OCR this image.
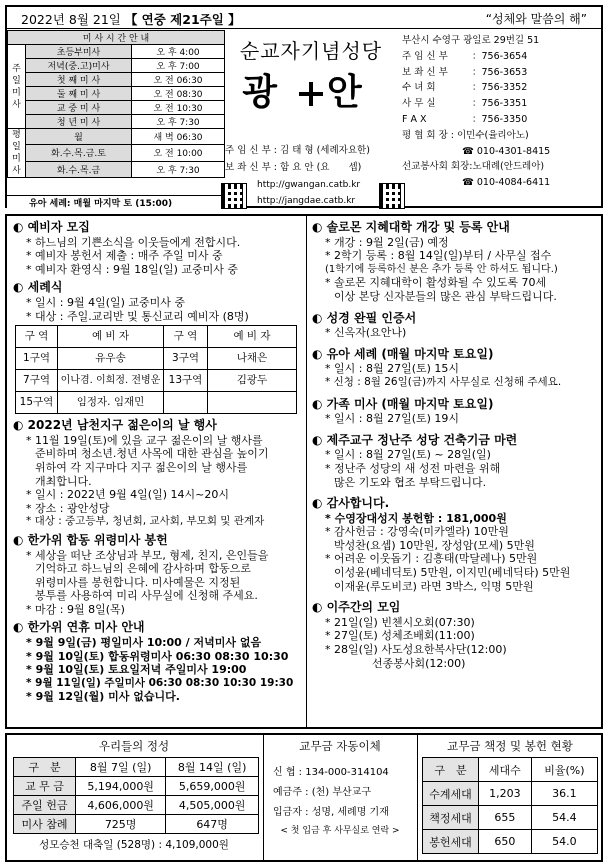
2022년 8월 21일 【 연중 제21주일 】	“성체와 말씀의 해”
미 사 시 간 안 내		
주일미사	초등부미사	오 후 4:00
	저녁(중.고)미사	오 후 7:00
	첫 째 미 사	오 전 06:30
	둘 째 미 사	오 전 08:30
	교 중 미 사	오 전 10:30
	청 년 미 사	오 후 7:30
평일미사	월	새 벽 06:30
	화.수.목.금.토	오 전 10:00
	화.수.목.금	오 후 7:30
유아 세례: 매월 마지막 토 (15:00)
순교자기념성당
광 안
주 임 신 부 : 김 태 형 (세례자요한)
보 좌 신 부 : 함 요 안 (요　　셉)
http://gwangan.catb.kr
http://jangdae.catb.kr
부산시 수영구 광일로 29번길 51
주 임 신 부	：756-3654
보 좌 신 부	：756-3653
수 녀 회	：756-3352
사 무 실	：756-3351
F A X	：756-3350
평 협 회 장 : 이민수(율리아노)
☎ 010-4301-8415
선교봉사회 회장:노대례(안드레아)
☎ 010-4084-6411
◐ 예비자 모집
* 하느님의 기쁜소식을 이웃들에게 전합시다.
* 예비자 봉헌서 제출 : 매주 주일 미사 중
* 예비자 환영식 : 9월 18일(일) 교중미사 중
◐ 세례식
* 일시 : 9월 4일(일) 교중미사 중
* 대상 : 주일.교리반 및 통신교리 예비자 (8명)
구 역	예 비 자	구 역	예 비 자
1구역	유우송	3구역	나채은
7구역	이나겸. 이희정. 전병운	13구역	김광두
15구역	임정자. 임재민		
◐ 2022년 남천지구 젊은이의 날 행사
* 11월 19일(토)에 있을 교구 젊은이의 날 행사를
준비하며 청소년.청년 사목에 대한 관심을 높이기
위하여 각 지구마다 지구 젊은이의 날 행사를
개최합니다.
* 일시 : 2022년 9월 4일(일) 14시~20시
* 장소 : 광안성당
* 대상 : 중고등부, 청년회, 교사회, 부모회 및 관계자
◐ 한가위 합동 위령미사 봉헌
* 세상을 떠난 조상님과 부모, 형제, 친지, 은인들을
기억하고 하느님의 은혜에 감사하며 합동으로
위령미사를 봉헌합니다. 미사예물은 지정된
봉투를 사용하여 미리 사무실에 신청해 주세요.
* 마감 : 9월 8일(목)
◐ 한가위 연휴 미사 안내
* 9월 9일(금) 평일미사 10:00 / 저녁미사 없음
* 9월 10일(토) 합동위령미사 06:30 08:30 10:30
* 9월 10일(토) 토요일저녁 주일미사 19:00
* 9월 11일(일) 주일미사 06:30 08:30 10:30 19:30
* 9월 12일(월) 미사 없습니다.
◐ 솔로몬 지혜대학 개강 및 등록 안내
* 개강 : 9월 2일(금) 예정
* 2학기 등록 : 8월 14일(일)부터 / 사무실 접수
(1학기에 등록하신 분은 추가 등록 안 하셔도 됩니다.)
* 솔로몬 지혜대학이 활성화될 수 있도록 70세
이상 본당 신자분들의 많은 관심 부탁드립니다.
◐ 성경 완필 인증서
* 신옥자(요안나)
◐ 유아 세례 (매월 마지막 토요일)
* 일시 : 8월 27일(토) 15시
* 신청 : 8월 26일(금)까지 사무실로 신청해 주세요.
◐ 가족 미사 (매월 마지막 토요일)
* 일시 : 8월 27일(토) 19시
◐ 제주교구 정난주 성당 건축기금 마련
* 일시 : 8월 27일(토) ~ 28일(일)
* 정난주 성당의 새 성전 마련을 위해
많은 기도와 협조 부탁드립니다.
◐ 감사합니다.
* 수영장대성지 봉헌함 : 181,000원
* 감사헌금 : 강영숙(미카엘라) 10만원
박성찬(요셉) 10만원, 장성암(모세) 5만원
* 어려운 이웃돕기 : 김흥태(막달레나) 5만원
이성윤(베네딕토) 5만원, 이지민(베네딕타) 5만원
이재윤(루도비코) 라면 3박스, 익명 5만원
◐ 이주간의 모임
* 21일(일) 빈첸시오회(07:30)
* 27일(토) 성체조배회(11:00)
* 28일(일) 사도성요한복사단(12:00)
선종봉사회(12:00)
우리들의 정성
구　분	8월 7일 (일)	8월 14일 (일)
교 무 금	5,194,000원	5,659,000원
주일 헌금	4,606,000원	4,505,000원
미사 참례	725명	647명
성모승천 대축일 (528명) : 4,109,000원
교무금 자동이체
신 협 : 134-000-314104
예금주 : (천) 부산교구
입금자 : 성명, 세례명 기재
< 첫 입금 후 사무실로 연락 >
교무금 책정 및 봉헌 현황
구　분	세대수	비율(%)
수계세대	1,203	36.1
책정세대	655	54.4
봉헌세대	650	54.0
